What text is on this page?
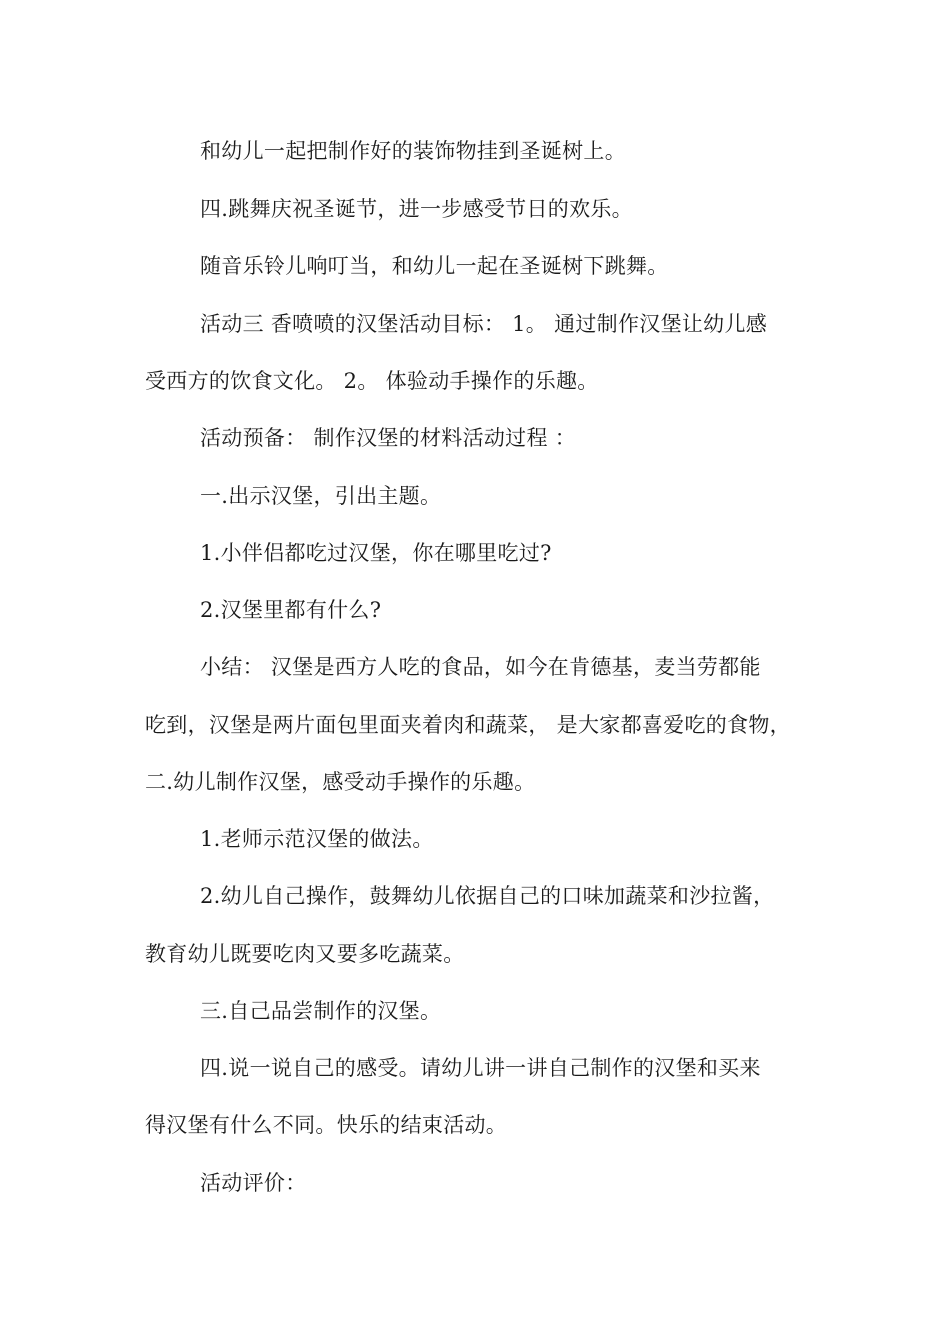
和幼儿一起把制作好的装饰物挂到圣诞树上。
四.跳舞庆祝圣诞节，进一步感受节日的欢乐。
随音乐铃儿响叮当，和幼儿一起在圣诞树下跳舞。
活动三 香喷喷的汉堡活动目标： 1。 通过制作汉堡让幼儿感
受西方的饮食文化。 2。 体验动手操作的乐趣。
活动预备： 制作汉堡的材料活动过程 ：
一.出示汉堡，引出主题。
1.小伴侣都吃过汉堡，你在哪里吃过?
2.汉堡里都有什么?
小结： 汉堡是西方人吃的食品，如今在肯德基，麦当劳都能
吃到，汉堡是两片面包里面夹着肉和蔬菜， 是大家都喜爱吃的食物，
二.幼儿制作汉堡，感受动手操作的乐趣。
1.老师示范汉堡的做法。
2.幼儿自己操作，鼓舞幼儿依据自己的口味加蔬菜和沙拉酱，
教育幼儿既要吃肉又要多吃蔬菜。
三.自己品尝制作的汉堡。
四.说一说自己的感受。请幼儿讲一讲自己制作的汉堡和买来
得汉堡有什么不同。快乐的结束活动。
活动评价：
